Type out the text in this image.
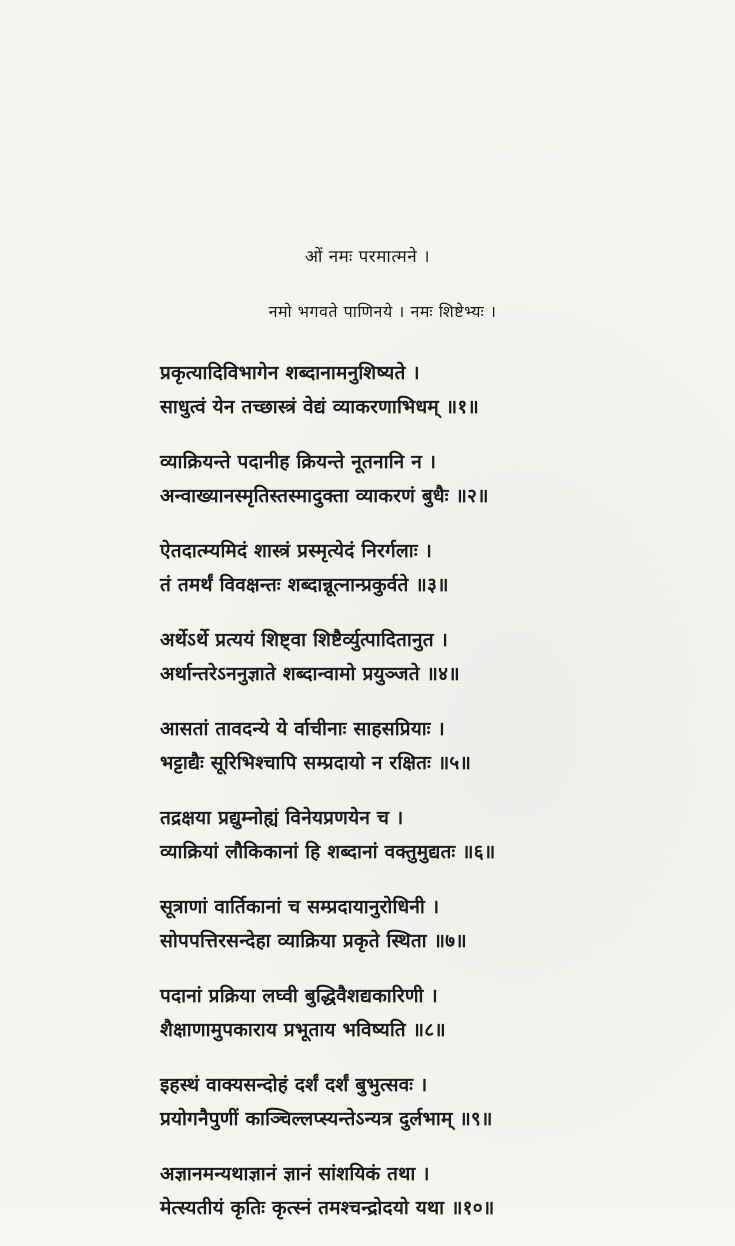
ओं नमः परमात्मने ।
नमो भगवते पाणिनये । नमः शिष्टेभ्यः ।
प्रकृत्यादिविभागेन शब्दानामनुशिष्यते ।
साधुत्वं येन तच्छास्त्रं वेद्यं व्याकरणाभिधम् ॥१॥
व्याक्रियन्ते पदानीह क्रियन्ते नूतनानि न ।
अन्वाख्यानस्मृतिस्तस्मादुक्ता व्याकरणं बुधैः ॥२॥
ऐतदात्म्यमिदं शास्त्रं प्रस्मृत्येदं निरर्गलाः ।
तं तमर्थं विवक्षन्तः शब्दान्नूत्नान्प्रकुर्वते ॥३॥
अर्थेऽर्थे प्रत्ययं शिष्ट्वा शिष्टैर्व्युत्पादितानुत ।
अर्थान्तरेऽननुज्ञाते शब्दान्वामो प्रयुञ्जते ॥४॥
आसतां तावदन्ये ये र्वाचीनाः साहसप्रियाः ।
भट्टाद्यैः सूरिभिश्चापि सम्प्रदायो न रक्षितः ॥५॥
तद्रक्षया प्रद्युम्नोह्यं विनेयप्रणयेन च ।
व्याक्रियां लौकिकानां हि शब्दानां वक्तुमुद्यतः ॥६॥
सूत्राणां वार्तिकानां च सम्प्रदायानुरोधिनी ।
सोपपत्तिरसन्देहा व्याक्रिया प्रकृते स्थिता ॥७॥
पदानां प्रक्रिया लघ्वी बुद्धिवैशद्यकारिणी ।
शैक्षाणामुपकाराय प्रभूताय भविष्यति ॥८॥
इहस्थं वाक्यसन्दोहं दर्शं दर्शं बुभुत्सवः ।
प्रयोगनैपुणीं काञ्चिल्लप्स्यन्तेऽन्यत्र दुर्लभाम् ॥९॥
अज्ञानमन्यथाज्ञानं ज्ञानं सांशयिकं तथा ।
मेत्स्यतीयं कृतिः कृत्स्नं तमश्चन्द्रोदयो यथा ॥१०॥
